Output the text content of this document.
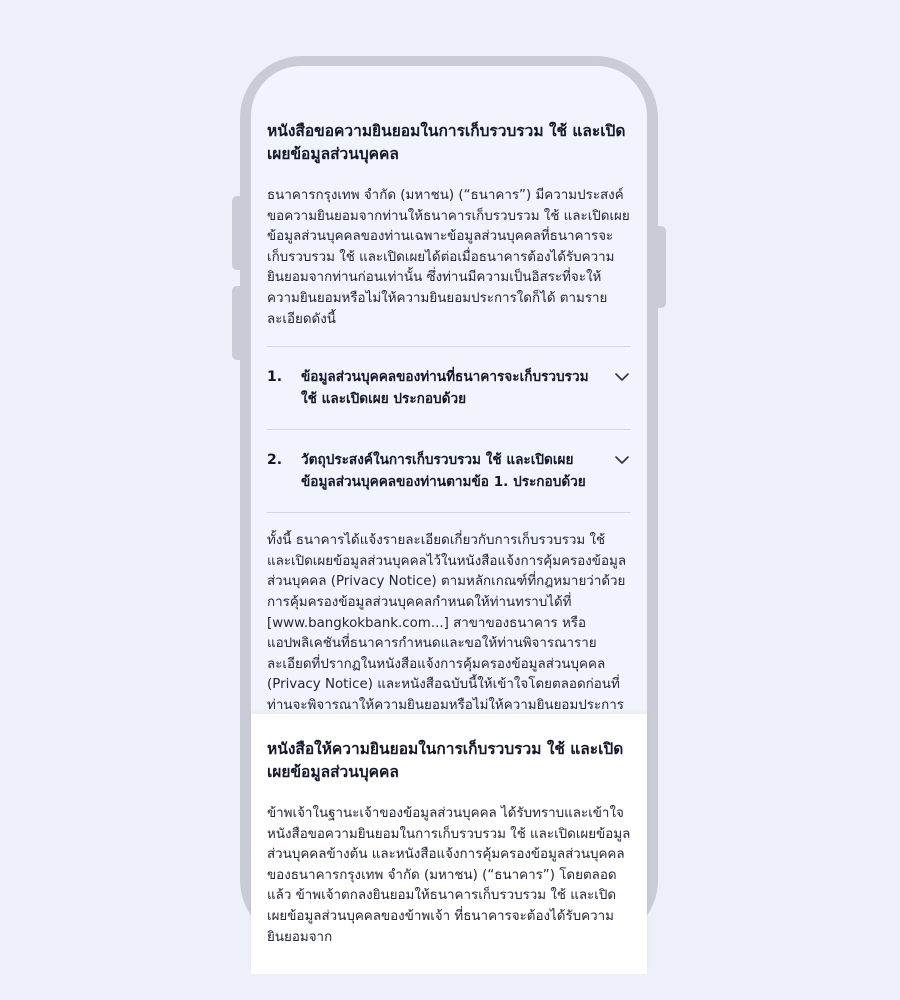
หนังสือขอความยินยอมในการเก็บรวบรวม ใช้ และเปิดเผยข้อมูลส่วนบุคคล

ธนาคารกรุงเทพ จำกัด (มหาชน) (“ธนาคาร”) มีความประสงค์ขอความยินยอมจากท่านให้ธนาคารเก็บรวบรวม ใช้ และเปิดเผยข้อมูลส่วนบุคคลของท่านเฉพาะข้อมูลส่วนบุคคลที่ธนาคารจะเก็บรวบรวม ใช้ และเปิดเผยได้ต่อเมื่อธนาคารต้องได้รับความยินยอมจากท่านก่อนเท่านั้น ซึ่งท่านมีความเป็นอิสระที่จะให้ความยินยอมหรือไม่ให้ความยินยอมประการใดก็ได้ ตามรายละเอียดดังนี้

1.	ข้อมูลส่วนบุคคลของท่านที่ธนาคารจะเก็บรวบรวม ใช้ และเปิดเผย ประกอบด้วย
2.	วัตถุประสงค์ในการเก็บรวบรวม ใช้ และเปิดเผยข้อมูลส่วนบุคคลของท่านตามข้อ 1. ประกอบด้วย

ทั้งนี้ ธนาคารได้แจ้งรายละเอียดเกี่ยวกับการเก็บรวบรวม ใช้ และเปิดเผยข้อมูลส่วนบุคคลไว้ในหนังสือแจ้งการคุ้มครองข้อมูลส่วนบุคคล (Privacy Notice) ตามหลักเกณฑ์ที่กฎหมายว่าด้วยการคุ้มครองข้อมูลส่วนบุคคลกำหนดให้ท่านทราบได้ที่ [www.bangkokbank.com...] สาขาของธนาคาร หรือแอปพลิเคชันที่ธนาคารกำหนดและขอให้ท่านพิจารณารายละเอียดที่ปรากฏในหนังสือแจ้งการคุ้มครองข้อมูลส่วนบุคคล (Privacy Notice) และหนังสือฉบับนี้ให้เข้าใจโดยตลอดก่อนที่ท่านจะพิจารณาให้ความยินยอมหรือไม่ให้ความยินยอมประการ

หนังสือให้ความยินยอมในการเก็บรวบรวม ใช้ และเปิดเผยข้อมูลส่วนบุคคล

ข้าพเจ้าในฐานะเจ้าของข้อมูลส่วนบุคคล ได้รับทราบและเข้าใจหนังสือขอความยินยอมในการเก็บรวบรวม ใช้ และเปิดเผยข้อมูลส่วนบุคคลข้างต้น และหนังสือแจ้งการคุ้มครองข้อมูลส่วนบุคคลของธนาคารกรุงเทพ จำกัด (มหาชน) (“ธนาคาร”) โดยตลอดแล้ว ข้าพเจ้าตกลงยินยอมให้ธนาคารเก็บรวบรวม ใช้ และเปิดเผยข้อมูลส่วนบุคคลของข้าพเจ้า ที่ธนาคารจะต้องได้รับความยินยอมจาก
